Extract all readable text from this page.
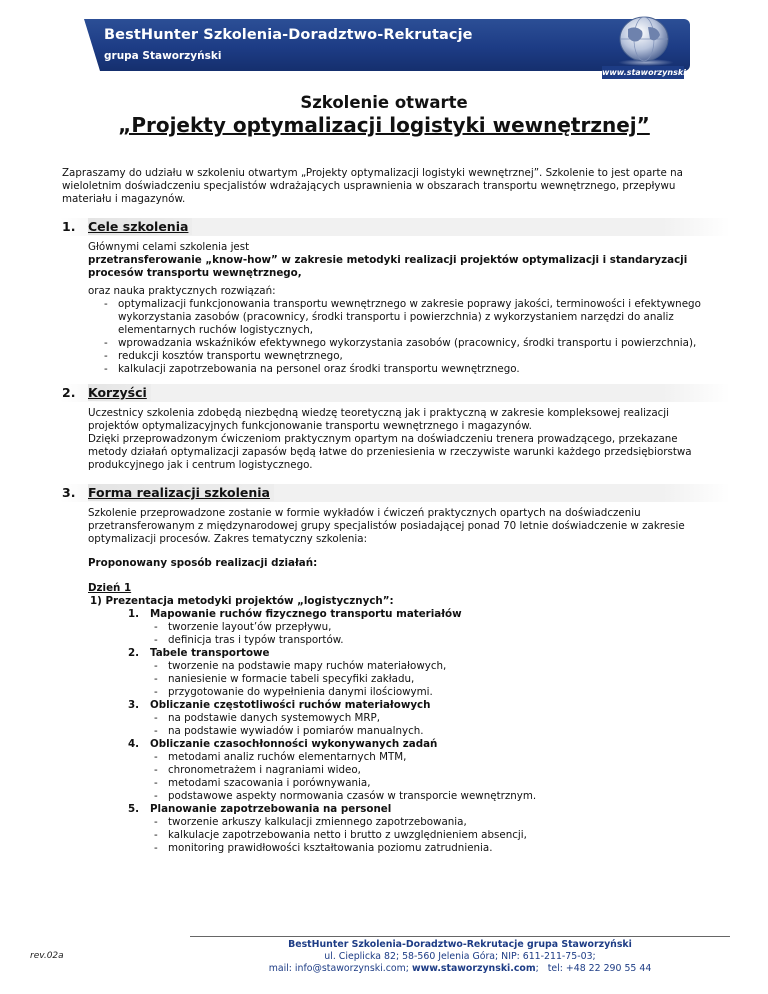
BestHunter Szkolenia-Doradztwo-Rekrutacje
grupa Staworzyński
www.staworzynski.com
Szkolenie otwarte
„Projekty optymalizacji logistyki wewnętrznej”
Zapraszamy do udziału w szkoleniu otwartym „Projekty optymalizacji logistyki wewnętrznej”. Szkolenie to jest oparte na
wieloletnim doświadczeniu specjalistów wdrażających usprawnienia w obszarach transportu wewnętrznego, przepływu
materiału i magazynów.
1. Cele szkolenia
Głównymi celami szkolenia jest
przetransferowanie „know-how” w zakresie metodyki realizacji projektów optymalizacji i standaryzacji
procesów transportu wewnętrznego,
oraz nauka praktycznych rozwiązań:
- optymalizacji funkcjonowania transportu wewnętrznego w zakresie poprawy jakości, terminowości i efektywnego
wykorzystania zasobów (pracownicy, środki transportu i powierzchnia) z wykorzystaniem narzędzi do analiz
elementarnych ruchów logistycznych,
- wprowadzania wskaźników efektywnego wykorzystania zasobów (pracownicy, środki transportu i powierzchnia),
- redukcji kosztów transportu wewnętrznego,
- kalkulacji zapotrzebowania na personel oraz środki transportu wewnętrznego.
2. Korzyści
Uczestnicy szkolenia zdobędą niezbędną wiedzę teoretyczną jak i praktyczną w zakresie kompleksowej realizacji
projektów optymalizacyjnych funkcjonowanie transportu wewnętrznego i magazynów.
Dzięki przeprowadzonym ćwiczeniom praktycznym opartym na doświadczeniu trenera prowadzącego, przekazane
metody działań optymalizacji zapasów będą łatwe do przeniesienia w rzeczywiste warunki każdego przedsiębiorstwa
produkcyjnego jak i centrum logistycznego.
3. Forma realizacji szkolenia
Szkolenie przeprowadzone zostanie w formie wykładów i ćwiczeń praktycznych opartych na doświadczeniu
przetransferowanym z międzynarodowej grupy specjalistów posiadającej ponad 70 letnie doświadczenie w zakresie
optymalizacji procesów. Zakres tematyczny szkolenia:
Proponowany sposób realizacji działań:
Dzień 1
1) Prezentacja metodyki projektów „logistycznych”:
1. Mapowanie ruchów fizycznego transportu materiałów
- tworzenie layout’ów przepływu,
- definicja tras i typów transportów.
2. Tabele transportowe
- tworzenie na podstawie mapy ruchów materiałowych,
- naniesienie w formacie tabeli specyfiki zakładu,
- przygotowanie do wypełnienia danymi ilościowymi.
3. Obliczanie częstotliwości ruchów materiałowych
- na podstawie danych systemowych MRP,
- na podstawie wywiadów i pomiarów manualnych.
4. Obliczanie czasochłonności wykonywanych zadań
- metodami analiz ruchów elementarnych MTM,
- chronometrażem i nagraniami wideo,
- metodami szacowania i porównywania,
- podstawowe aspekty normowania czasów w transporcie wewnętrznym.
5. Planowanie zapotrzebowania na personel
- tworzenie arkuszy kalkulacji zmiennego zapotrzebowania,
- kalkulacje zapotrzebowania netto i brutto z uwzględnieniem absencji,
- monitoring prawidłowości kształtowania poziomu zatrudnienia.
rev.02a
BestHunter Szkolenia-Doradztwo-Rekrutacje grupa Staworzyński
ul. Cieplicka 82; 58-560 Jelenia Góra; NIP: 611-211-75-03;
mail: info@staworzynski.com; www.staworzynski.com; tel: +48 22 290 55 44
